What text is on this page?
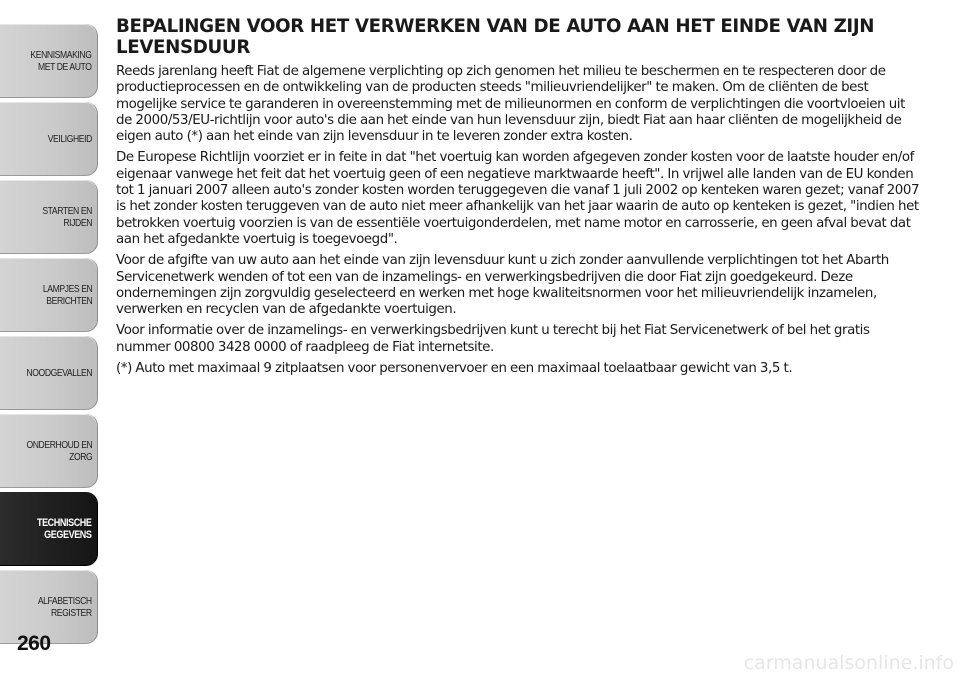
KENNISMAKING
MET DE AUTO
VEILIGHEID
STARTEN EN RIJDEN
LAMPJES EN
BERICHTEN
NOODGEVALLEN
ONDERHOUD EN
ZORG
TECHNISCHE
GEGEVENS
ALFABETISCH
REGISTER
260
BEPALINGEN VOOR HET VERWERKEN VAN DE AUTO AAN HET EINDE VAN ZIJN LEVENSDUUR

Reeds jarenlang heeft Fiat de algemene verplichting op zich genomen het milieu te beschermen en te respecteren door de productieprocessen en de ontwikkeling van de producten steeds "milieuvriendelijker" te maken. Om de cliënten de best mogelijke service te garanderen in overeenstemming met de milieunormen en conform de verplichtingen die voortvloeien uit de 2000/53/EU-richtlijn voor auto's die aan het einde van hun levensduur zijn, biedt Fiat aan haar cliënten de mogelijkheid de eigen auto (*) aan het einde van zijn levensduur in te leveren zonder extra kosten.

De Europese Richtlijn voorziet er in feite in dat "het voertuig kan worden afgegeven zonder kosten voor de laatste houder en/of eigenaar vanwege het feit dat het voertuig geen of een negatieve marktwaarde heeft". In vrijwel alle landen van de EU konden tot 1 januari 2007 alleen auto's zonder kosten worden teruggegeven die vanaf 1 juli 2002 op kenteken waren gezet; vanaf 2007 is het zonder kosten teruggeven van de auto niet meer afhankelijk van het jaar waarin de auto op kenteken is gezet, "indien het betrokken voertuig voorzien is van de essentiële voertuigonderdelen, met name motor en carrosserie, en geen afval bevat dat aan het afgedankte voertuig is toegevoegd".

Voor de afgifte van uw auto aan het einde van zijn levensduur kunt u zich zonder aanvullende verplichtingen tot het Abarth Servicenetwerk wenden of tot een van de inzamelings- en verwerkingsbedrijven die door Fiat zijn goedgekeurd. Deze ondernemingen zijn zorgvuldig geselecteerd en werken met hoge kwaliteitsnormen voor het milieuvriendelijk inzamelen, verwerken en recyclen van de afgedankte voertuigen.

Voor informatie over de inzamelings- en verwerkingsbedrijven kunt u terecht bij het Fiat Servicenetwerk of bel het gratis nummer 00800 3428 0000 of raadpleeg de Fiat internetsite.

(*) Auto met maximaal 9 zitplaatsen voor personenvervoer en een maximaal toelaatbaar gewicht van 3,5 t.

carmanualsonline.info
